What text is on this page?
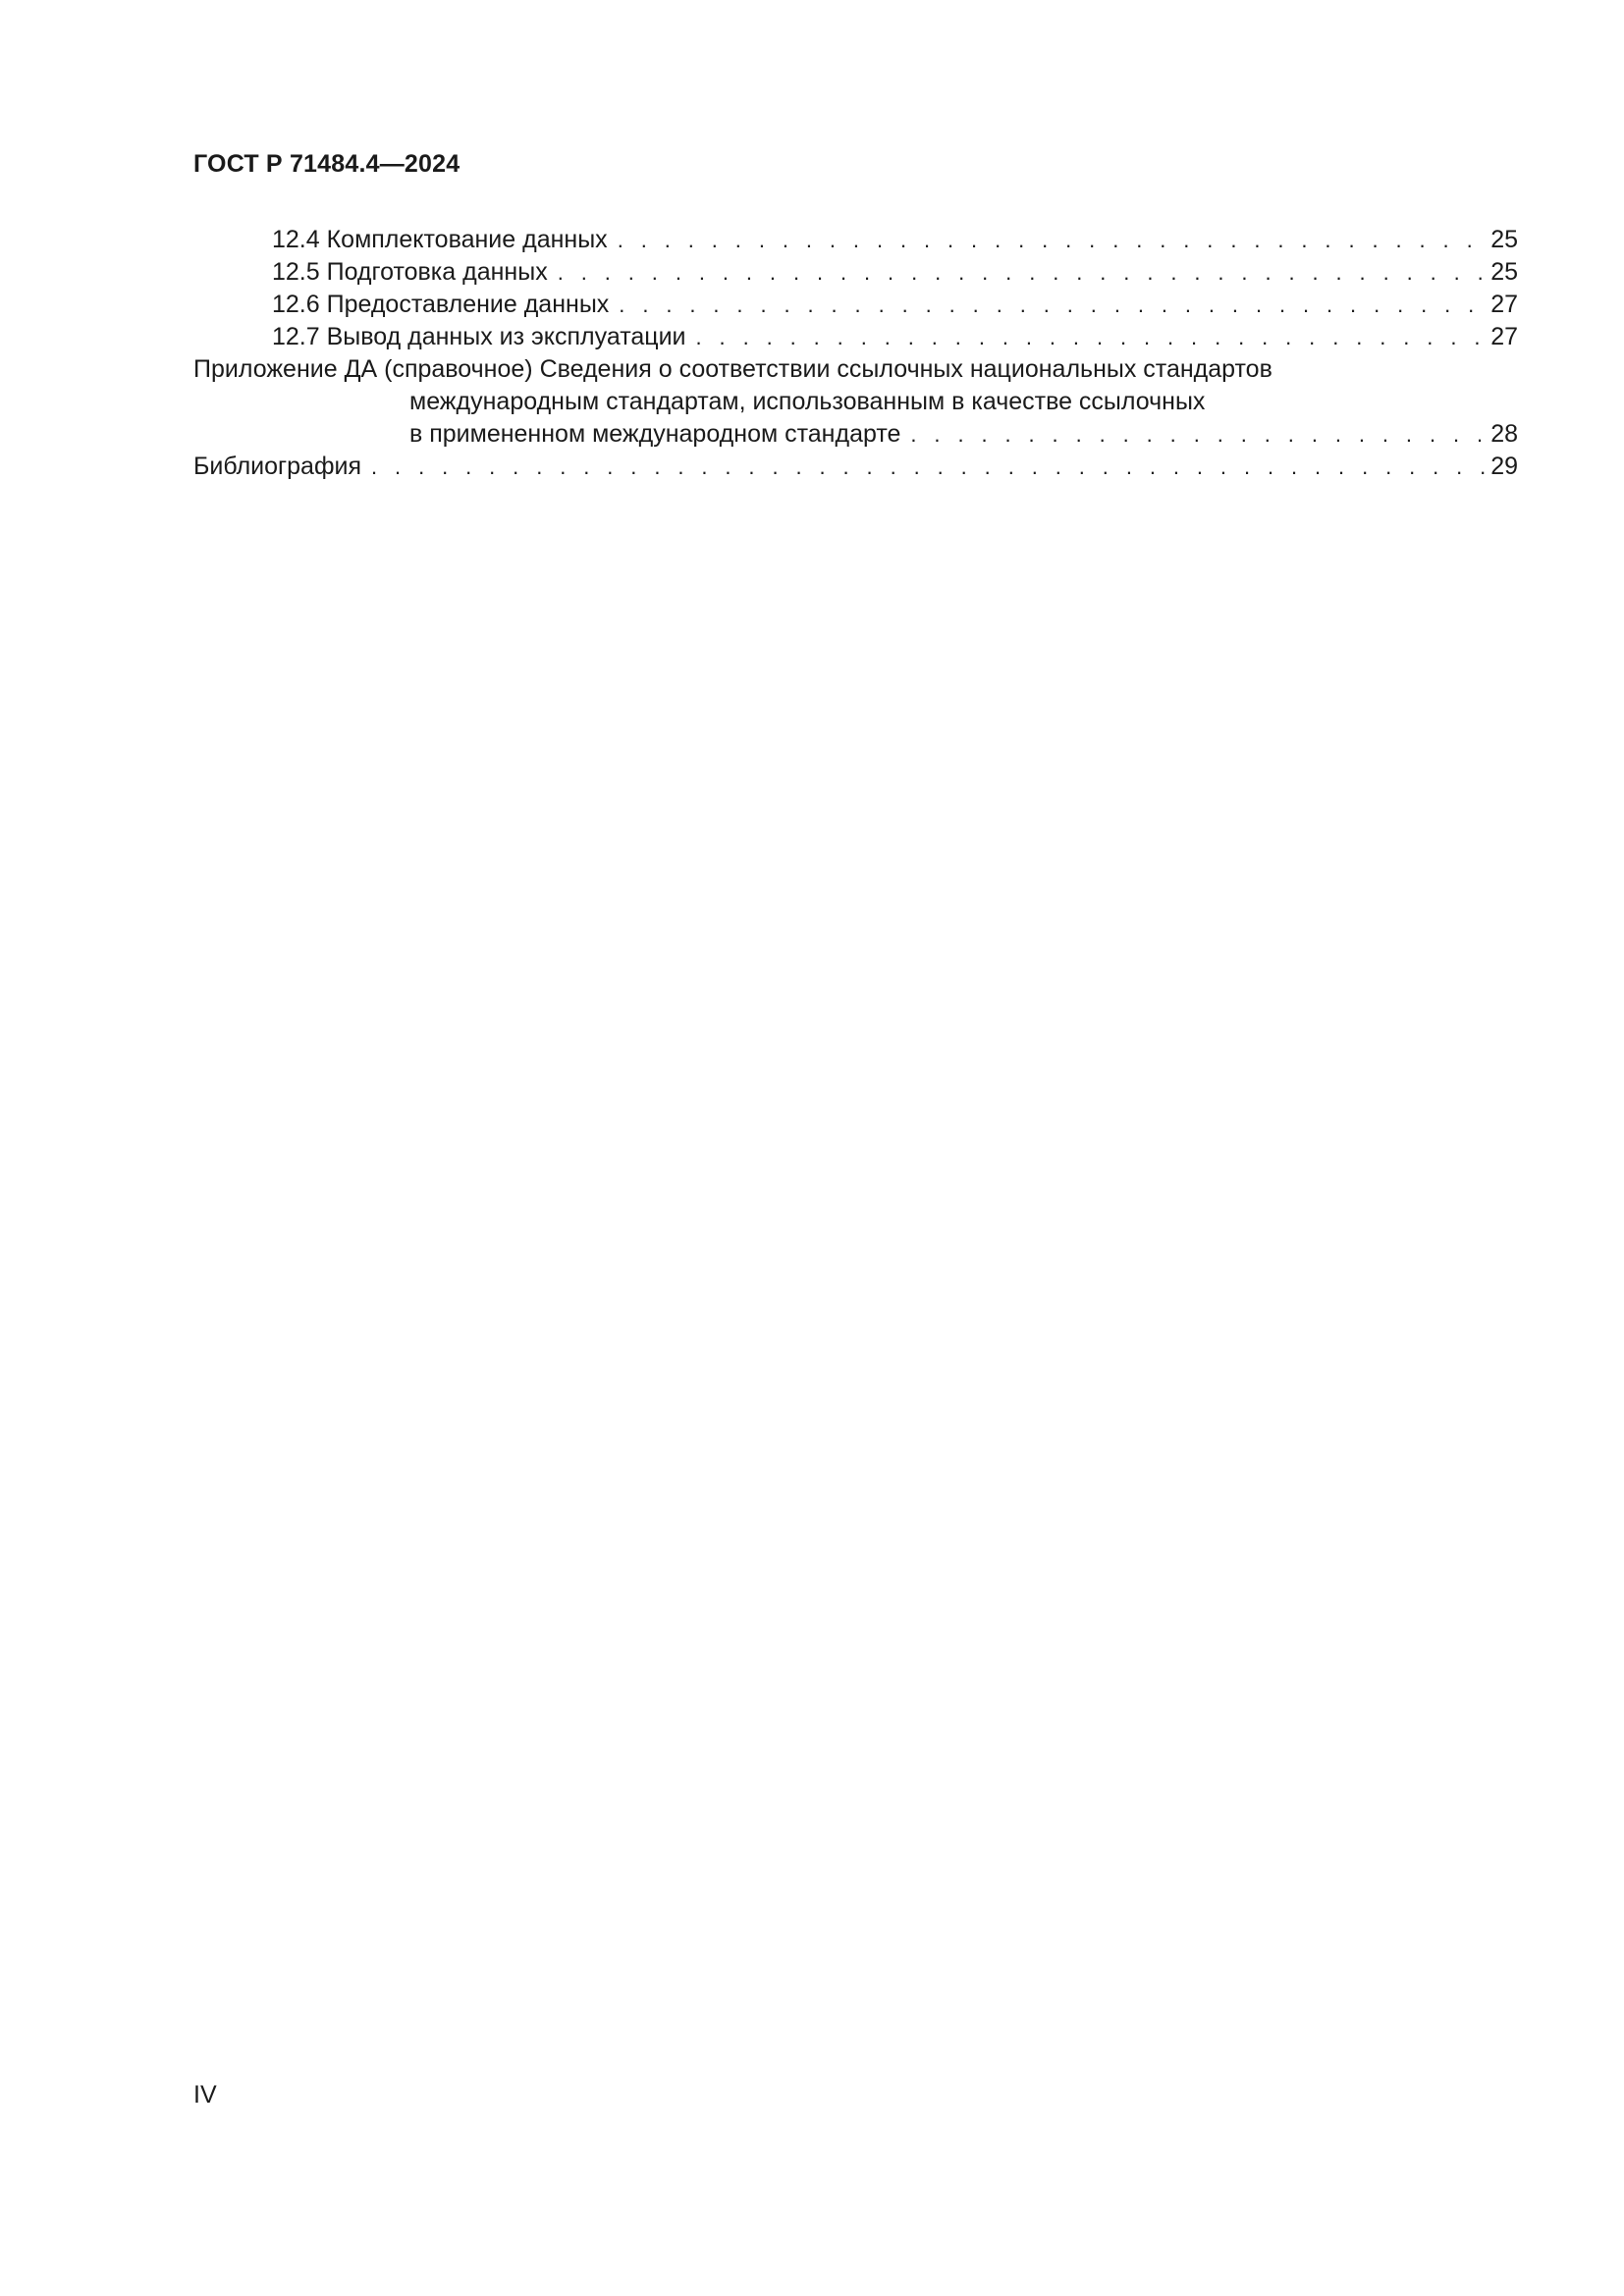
ГОСТ Р 71484.4—2024
12.4 Комплектование данных . . .	25
12.5 Подготовка данных . . .	25
12.6 Предоставление данных . . .	27
12.7 Вывод данных из эксплуатации . . .	27
Приложение ДА (справочное) Сведения о соответствии ссылочных национальных стандартов
международным стандартам, использованным в качестве ссылочных
в примененном международном стандарте . . .	28
Библиография . . .	29
IV
